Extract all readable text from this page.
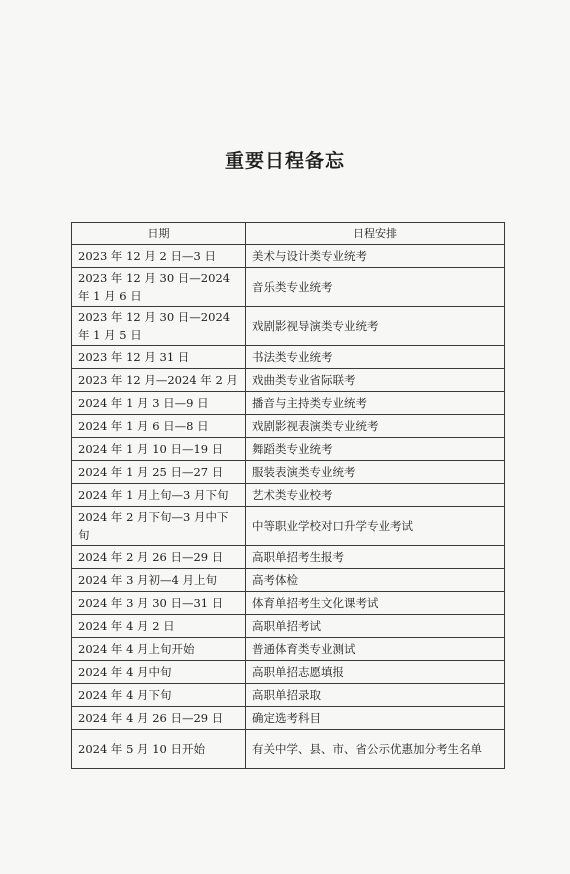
重要日程备忘
日期	日程安排
2023 年 12 月 2 日—3 日	美术与设计类专业统考
2023 年 12 月 30 日—2024 年 1 月 6 日	音乐类专业统考
2023 年 12 月 30 日—2024 年 1 月 5 日	戏剧影视导演类专业统考
2023 年 12 月 31 日	书法类专业统考
2023 年 12 月—2024 年 2 月	戏曲类专业省际联考
2024 年 1 月 3 日—9 日	播音与主持类专业统考
2024 年 1 月 6 日—8 日	戏剧影视表演类专业统考
2024 年 1 月 10 日—19 日	舞蹈类专业统考
2024 年 1 月 25 日—27 日	服装表演类专业统考
2024 年 1 月上旬—3 月下旬	艺术类专业校考
2024 年 2 月下旬—3 月中下旬	中等职业学校对口升学专业考试
2024 年 2 月 26 日—29 日	高职单招考生报考
2024 年 3 月初—4 月上旬	高考体检
2024 年 3 月 30 日—31 日	体育单招考生文化课考试
2024 年 4 月 2 日	高职单招考试
2024 年 4 月上旬开始	普通体育类专业测试
2024 年 4 月中旬	高职单招志愿填报
2024 年 4 月下旬	高职单招录取
2024 年 4 月 26 日—29 日	确定选考科目
2024 年 5 月 10 日开始	有关中学、县、市、省公示优惠加分考生名单
